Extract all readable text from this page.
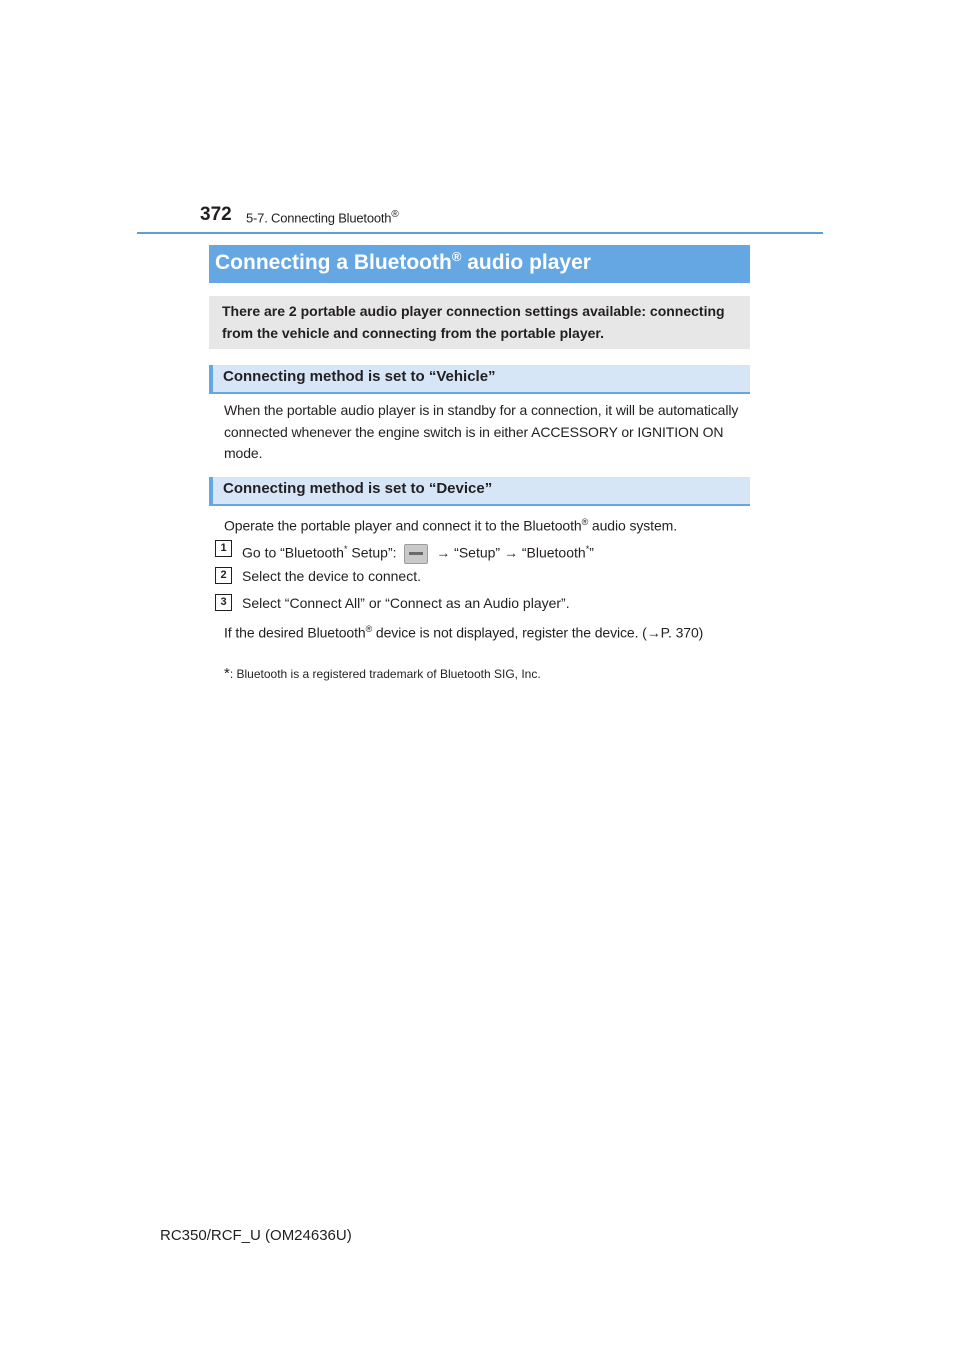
372 5-7. Connecting Bluetooth®
Connecting a Bluetooth® audio player
There are 2 portable audio player connection settings available: connecting from the vehicle and connecting from the portable player.
Connecting method is set to “Vehicle”
When the portable audio player is in standby for a connection, it will be automatically connected whenever the engine switch is in either ACCESSORY or IGNITION ON mode.
Connecting method is set to “Device”
Operate the portable player and connect it to the Bluetooth® audio system.
1	Go to “Bluetooth* Setup”:
→ “Setup” → “Bluetooth*”
2	Select the device to connect.
3	Select “Connect All” or “Connect as an Audio player”.
If the desired Bluetooth® device is not displayed, register the device. (→P. 370)
*: Bluetooth is a registered trademark of Bluetooth SIG, Inc.
RC350/RCF_U (OM24636U)
